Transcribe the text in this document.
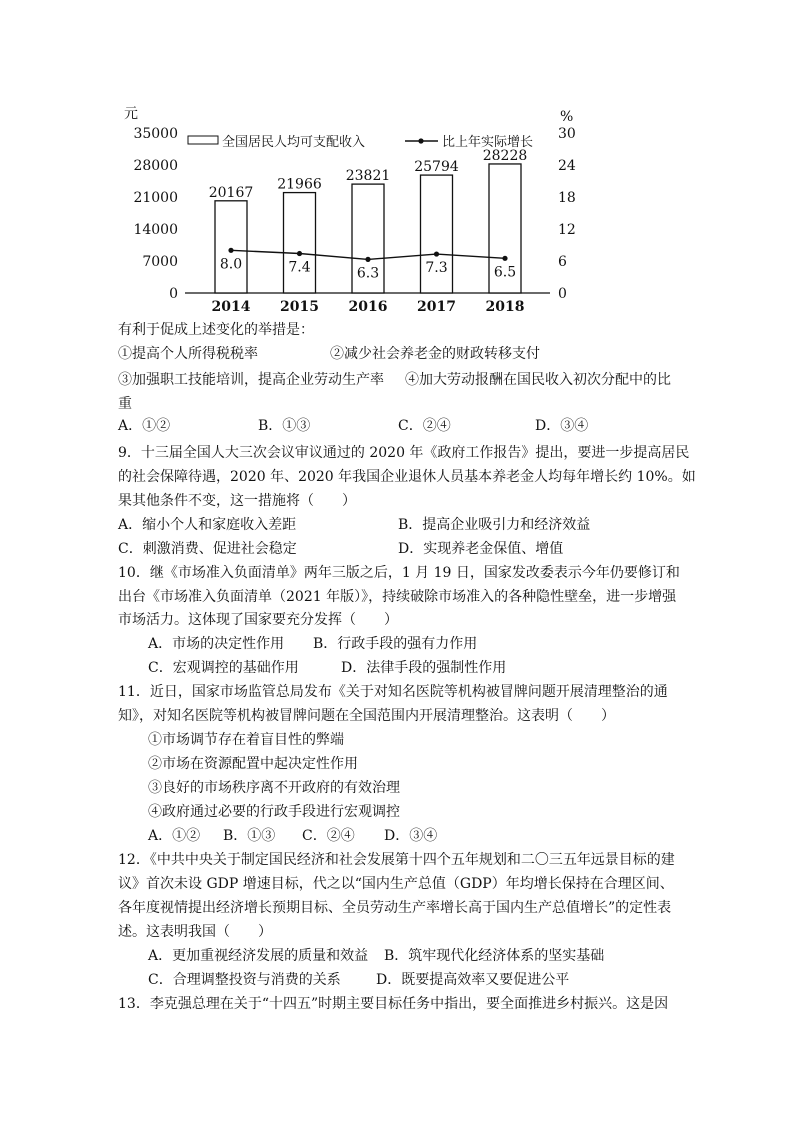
元	%
35000
28000
21000
14000
7000
0
30
24
18
12
6
0
20167
21966
23821
25794
28228
8.0	7.4	6.3	7.3	6.5
2014 2015 2016 2017 2018
全国居民人均可支配收入	比上年实际增长
有利于促成上述变化的举措是：
①提高个人所得税税率	②减少社会养老金的财政转移支付
③加强职工技能培训，提高企业劳动生产率 ④加大劳动报酬在国民收入初次分配中的比
重
A．①②	B．①③	C．②④	D．③④
9．十三届全国人大三次会议审议通过的 2020 年《政府工作报告》提出，要进一步提高居民
的社会保障待遇，2020 年、2020 年我国企业退休人员基本养老金人均每年增长约 10%。如
果其他条件不变，这一措施将（　　）
A．缩小个人和家庭收入差距	B．提高企业吸引力和经济效益
C．刺激消费、促进社会稳定	D．实现养老金保值、增值
10．继《市场准入负面清单》两年三版之后，1 月 19 日，国家发改委表示今年仍要修订和
出台《市场准入负面清单（2021 年版）》，持续破除市场准入的各种隐性壁垒，进一步增强
市场活力。这体现了国家要充分发挥（　　）
A．市场的决定性作用 B．行政手段的强有力作用
C．宏观调控的基础作用	D．法律手段的强制性作用
11．近日，国家市场监管总局发布《关于对知名医院等机构被冒牌问题开展清理整治的通
知》，对知名医院等机构被冒牌问题在全国范围内开展清理整治。这表明（　　）
①市场调节存在着盲目性的弊端
②市场在资源配置中起决定性作用
③良好的市场秩序离不开政府的有效治理
④政府通过必要的行政手段进行宏观调控
A．①② B．①③ C．②④ D．③④
12．《中共中央关于制定国民经济和社会发展第十四个五年规划和二〇三五年远景目标的建
议》首次未设 GDP 增速目标，代之以“国内生产总值（GDP）年均增长保持在合理区间、
各年度视情提出经济增长预期目标、全员劳动生产率增长高于国内生产总值增长”的定性表
述。这表明我国（　　）
A．更加重视经济发展的质量和效益 B．筑牢现代化经济体系的坚实基础
C．合理调整投资与消费的关系	D．既要提高效率又要促进公平
13．李克强总理在关于“十四五”时期主要目标任务中指出，要全面推进乡村振兴。这是因
